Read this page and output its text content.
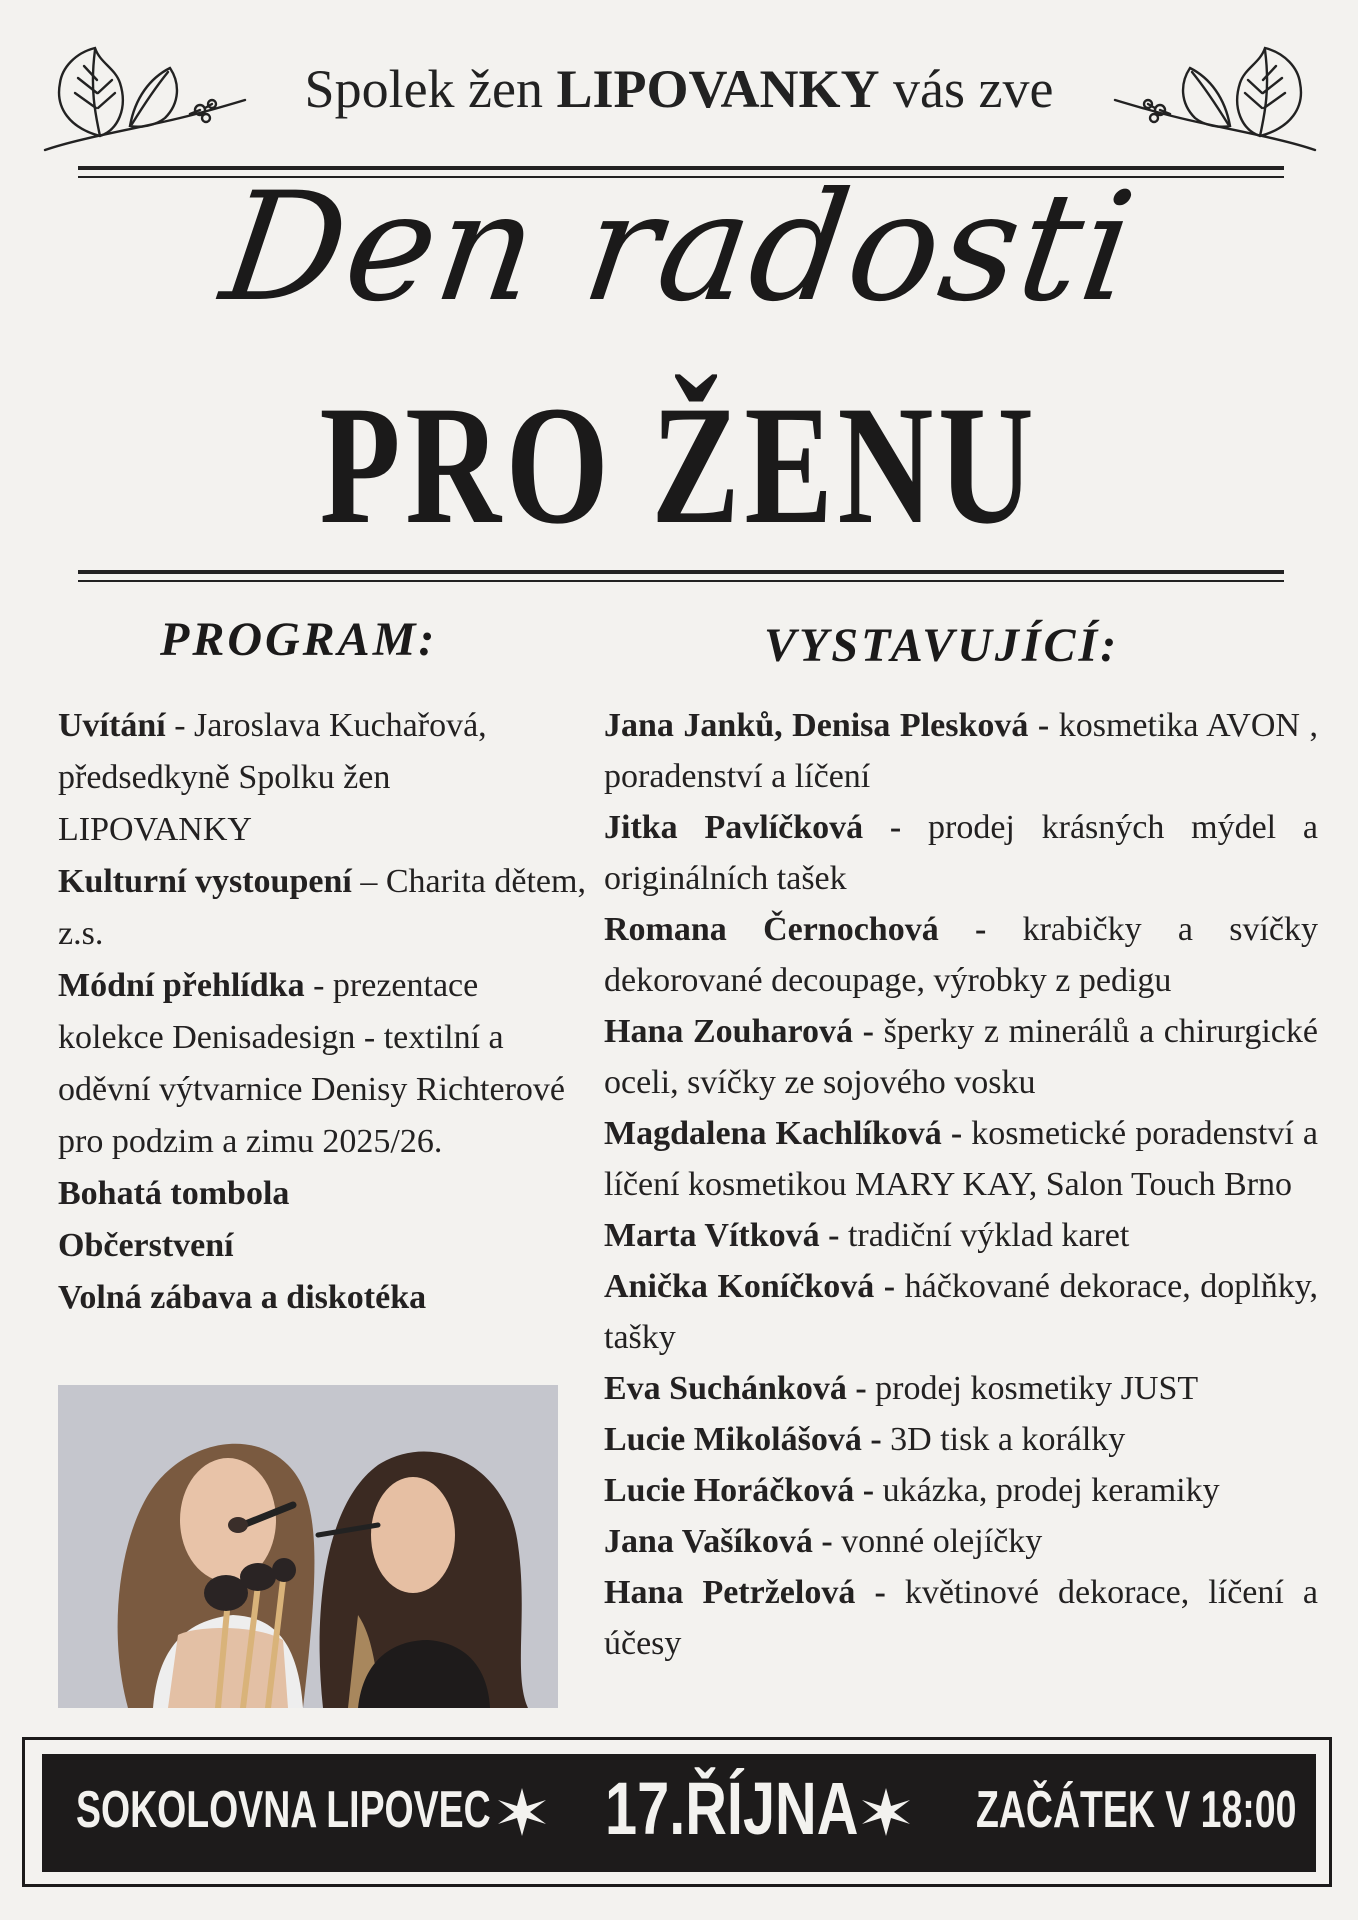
Spolek žen LIPOVANKY vás zve
Den radosti
PRO ŽENU
PROGRAM:	VYSTAVUJÍCÍ:

Uvítání - Jaroslava Kuchařová, předsedkyně Spolku žen LIPOVANKY

Kulturní vystoupení – Charita dětem, z.s.

Módní přehlídka - prezentace kolekce Denisadesign - textilní a oděvní výtvarnice Denisy Richterové pro podzim a zimu 2025/26.

Bohatá tombola

Občerstvení

Volná zábava a diskotéka

Jana Janků, Denisa Plesková - kosmetika AVON , poradenství a líčení

Jitka Pavlíčková - prodej krásných mýdel a originálních tašek

Romana Černochová - krabičky a svíčky dekorované decoupage, výrobky z pedigu

Hana Zouharová - šperky z minerálů a chirurgické oceli, svíčky ze sojového vosku

Magdalena Kachlíková - kosmetické poradenství a líčení kosmetikou MARY KAY, Salon Touch Brno

Marta Vítková - tradiční výklad karet

Anička Koníčková - háčkované dekorace, doplňky, tašky

Eva Suchánková - prodej kosmetiky JUST

Lucie Mikolášová - 3D tisk a korálky

Lucie Horáčková - ukázka, prodej keramiky

Jana Vašíková - vonné olejíčky

Hana Petrželová - květinové dekorace, líčení a účesy

SOKOLOVNA LIPOVEC 17.ŘÍJNA ZAČÁTEK V 18:00
